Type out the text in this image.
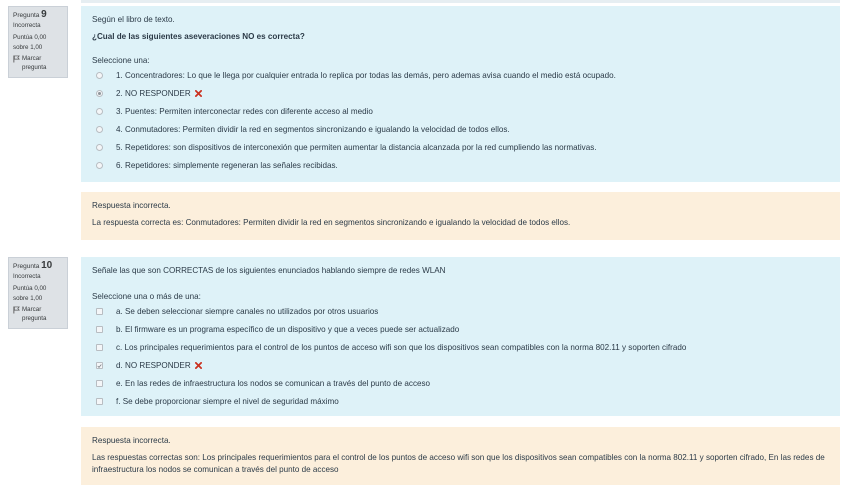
Pregunta 9
Incorrecta
Puntúa 0,00
sobre 1,00
Marcar pregunta
Según el libro de texto.
¿Cual de las siguientes aseveraciones NO es correcta?
Seleccione una:
1. Concentradores: Lo que le llega por cualquier entrada lo replica por todas las demás, pero ademas avisa cuando el medio está ocupado.
2. NO RESPONDER
3. Puentes: Permiten interconectar redes con diferente acceso al medio
4. Conmutadores: Permiten dividir la red en segmentos sincronizando e igualando la velocidad de todos ellos.
5. Repetidores: son dispositivos de interconexión que permiten aumentar la distancia alcanzada por la red cumpliendo las normativas.
6. Repetidores: simplemente regeneran las señales recibidas.
Respuesta incorrecta.
La respuesta correcta es: Conmutadores: Permiten dividir la red en segmentos sincronizando e igualando la velocidad de todos ellos.
Pregunta 10
Incorrecta
Puntúa 0,00
sobre 1,00
Marcar pregunta
Señale las que son CORRECTAS de los siguientes enunciados hablando siempre de redes WLAN
Seleccione una o más de una:
a. Se deben seleccionar siempre canales no utilizados por otros usuarios
b. El firmware es un programa específico de un dispositivo y que a veces puede ser actualizado
c. Los principales requerimientos para el control de los puntos de acceso wifi son que los dispositivos sean compatibles con la norma 802.11 y soporten cifrado
d. NO RESPONDER
e. En las redes de infraestructura los nodos se comunican a través del punto de acceso
f. Se debe proporcionar siempre el nivel de seguridad máximo
Respuesta incorrecta.
Las respuestas correctas son: Los principales requerimientos para el control de los puntos de acceso wifi son que los dispositivos sean compatibles con la norma 802.11 y soporten cifrado, En las redes de infraestructura los nodos se comunican a través del punto de acceso
